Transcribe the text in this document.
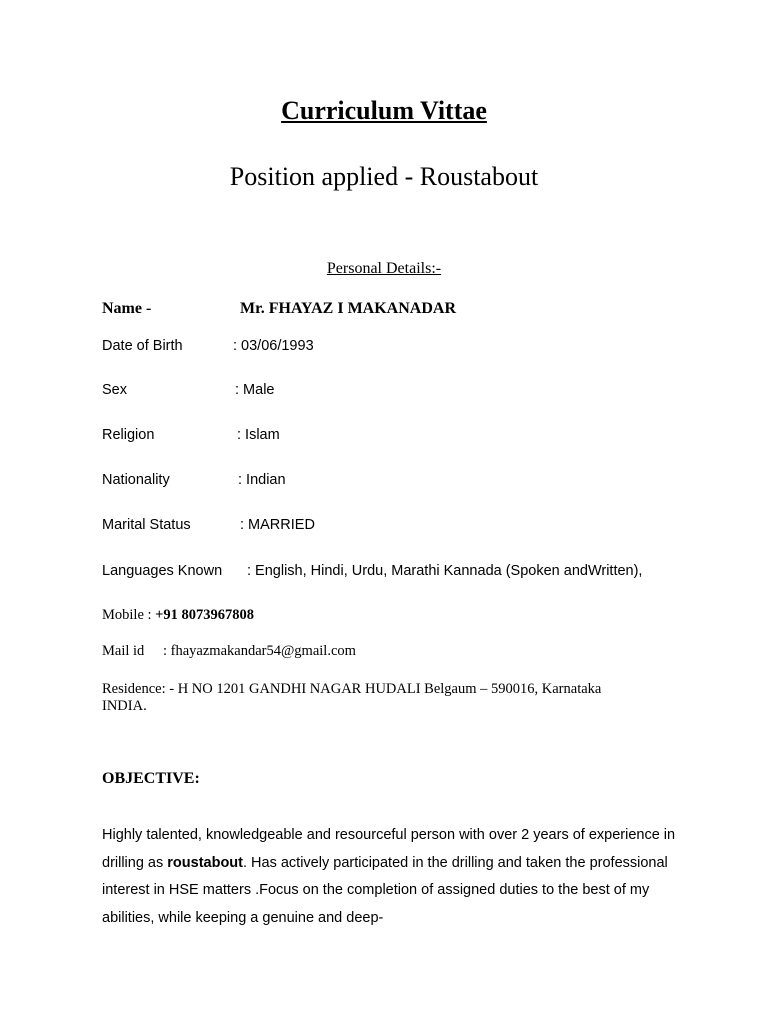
Curriculum Vittae
Position applied - Roustabout
Personal Details:-
Name -	Mr. FHAYAZ I MAKANADAR
Date of Birth	: 03/06/1993
Sex	: Male
Religion	: Islam
Nationality	: Indian
Marital Status	: MARRIED
Languages Known : English, Hindi, Urdu, Marathi Kannada (Spoken andWritten),
Mobile : +91 8073967808
Mail id : fhayazmakandar54@gmail.com
Residence: - H NO 1201 GANDHI NAGAR HUDALI Belgaum – 590016, Karnataka INDIA.
OBJECTIVE:
Highly talented, knowledgeable and resourceful person with over 2 years of experience in drilling as roustabout. Has actively participated in the drilling and taken the professional interest in HSE matters .Focus on the completion of assigned duties to the best of my abilities, while keeping a genuine and deep-
